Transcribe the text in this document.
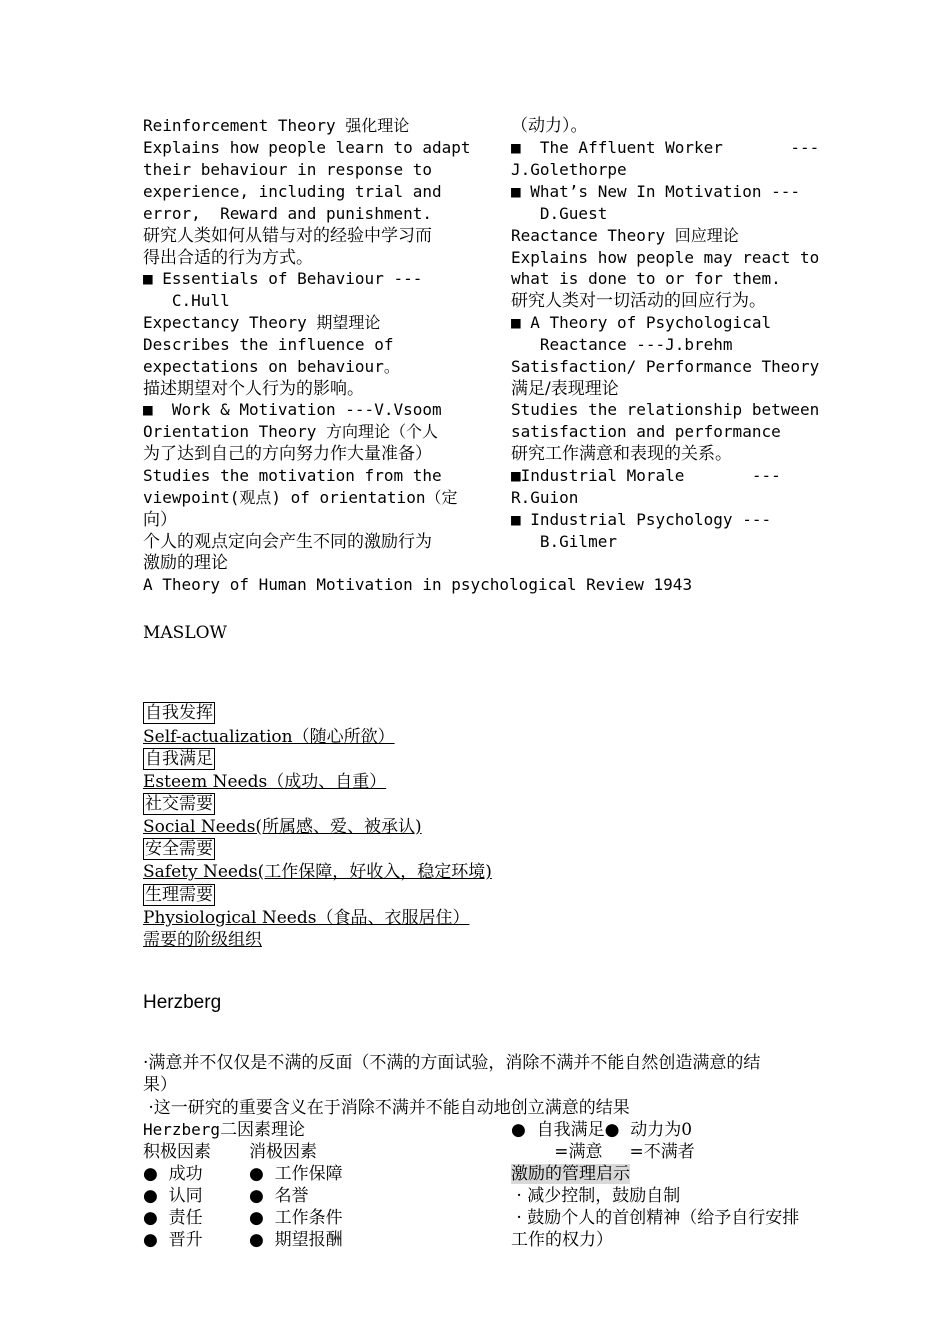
Reinforcement Theory 强化理论
Explains how people learn to adapt
their behaviour in response to
experience, including trial and
error,  Reward and punishment.
研究人类如何从错与对的经验中学习而
得出合适的行为方式。
■ Essentials of Behaviour ---
C.Hull
Expectancy Theory 期望理论
Describes the influence of
expectations on behaviour。
描述期望对个人行为的影响。
■  Work & Motivation ---V.Vsoom
Orientation Theory 方向理论（个人
为了达到自己的方向努力作大量准备）
Studies the motivation from the
viewpoint(观点) of orientation（定
向）
个人的观点定向会产生不同的激励行为
激励的理论
（动力）。
■  The Affluent Worker       ---
J.Golethorpe
■ What’s New In Motivation ---
D.Guest
Reactance Theory 回应理论
Explains how people may react to
what is done to or for them.
研究人类对一切活动的回应行为。
■ A Theory of Psychological
Reactance ---J.brehm
Satisfaction/ Performance Theory
满足/表现理论
Studies the relationship between
satisfaction and performance
研究工作满意和表现的关系。
■Industrial Morale       ---
R.Guion
■ Industrial Psychology ---
B.Gilmer
A Theory of Human Motivation in psychological Review 1943
MASLOW
自我发挥
Self-actualization（随心所欲）
自我满足
Esteem Needs（成功、自重）
社交需要
Social Needs(所属感、爱、被承认)
安全需要
Safety Needs(工作保障，好收入，稳定环境)
生理需要
Physiological Needs（食品、衣服居住）
需要的阶级组织
Herzberg
·满意并不仅仅是不满的反面（不满的方面试验，消除不满并不能自然创造满意的结
果）
·这一研究的重要含义在于消除不满并不能自动地创立满意的结果
Herzberg二因素理论
积极因素 消极因素
●  成功	●  工作保障
●  认同	●  名誉
●  责任	●  工作条件
●  晋升	●  期望报酬
●  自我满足●  动力为0
=满意     =不满者
激励的管理启示
· 减少控制，鼓励自制
· 鼓励个人的首创精神（给予自行安排
工作的权力）
